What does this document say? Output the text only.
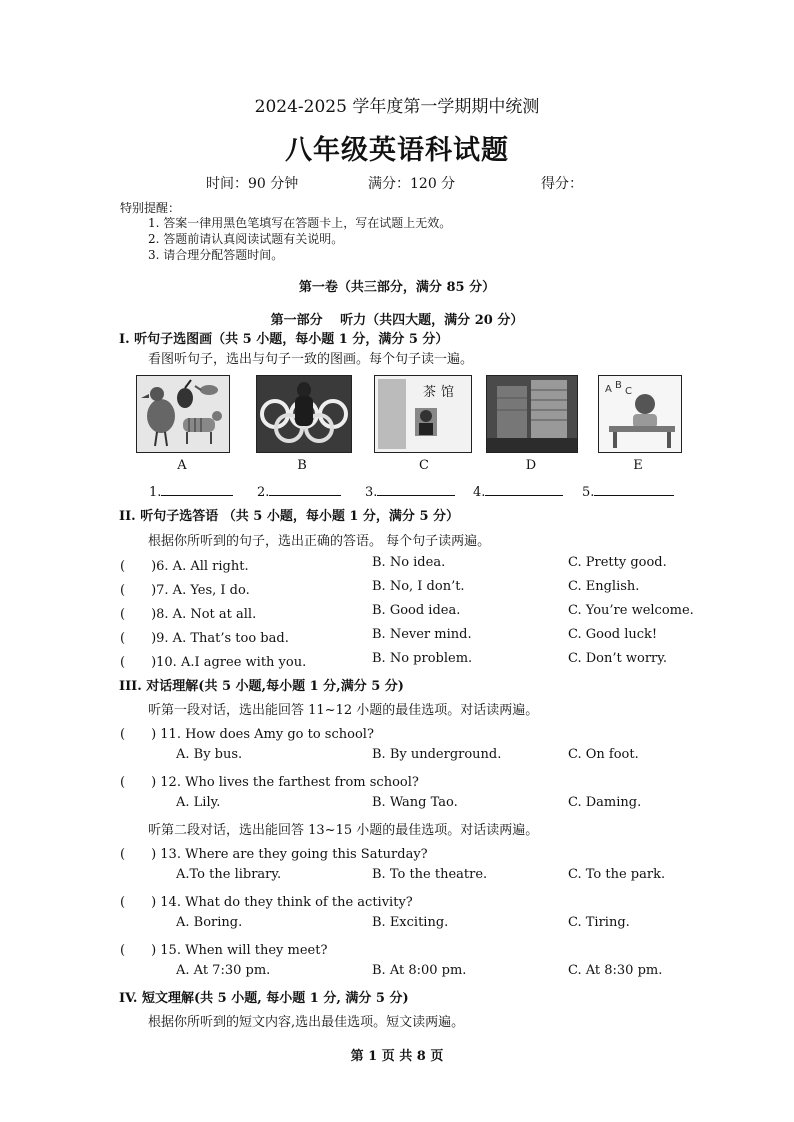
2024-2025 学年度第一学期期中统测
八年级英语科试题
时间：90 分钟	满分：120 分	得分：
特别提醒：
1. 答案一律用黑色笔填写在答题卡上，写在试题上无效。
2. 答题前请认真阅读试题有关说明。
3. 请合理分配答题时间。
第一卷（共三部分，满分 85 分）
第一部分　 听力（共四大题，满分 20 分）
I. 听句子选图画（共 5 小题，每小题 1 分，满分 5 分）
看图听句子，选出与句子一致的图画。每个句子读一遍。
茶 馆	A B
C
A	B	C	D	E
1.	2.	3.	4.	5.
II. 听句子选答语 （共 5 小题，每小题 1 分，满分 5 分）
根据你所听到的句子，选出正确的答语。 每个句子读两遍。
(　　)6. A. All right.	B. No idea.	C. Pretty good.
(　　)7. A. Yes, I do.	B. No, I don’t.	C. English.
(　　)8. A. Not at all.	B. Good idea.	C. You’re welcome.
(　　)9. A. That’s too bad.	B. Never mind.	C. Good luck!
(　　)10. A.I agree with you.	B. No problem.	C. Don’t worry.
III. 对话理解(共 5 小题,每小题 1 分,满分 5 分)
听第一段对话，选出能回答 11~12 小题的最佳选项。对话读两遍。
(　　) 11. How does Amy go to school?
A. By bus.	B. By underground.	C. On foot.
(　　) 12. Who lives the farthest from school?
A. Lily.	B. Wang Tao.	C. Daming.
听第二段对话，选出能回答 13~15 小题的最佳选项。对话读两遍。
(　　) 13. Where are they going this Saturday?
A.To the library.	B. To the theatre.	C. To the park.
(　　) 14. What do they think of the activity?
A. Boring.	B. Exciting.	C. Tiring.
(　　) 15. When will they meet?
A. At 7:30 pm.	B. At 8:00 pm.	C. At 8:30 pm.
IV. 短文理解(共 5 小题, 每小题 1 分, 满分 5 分)
根据你所听到的短文内容,选出最佳选项。短文读两遍。
第 1 页 共 8 页
